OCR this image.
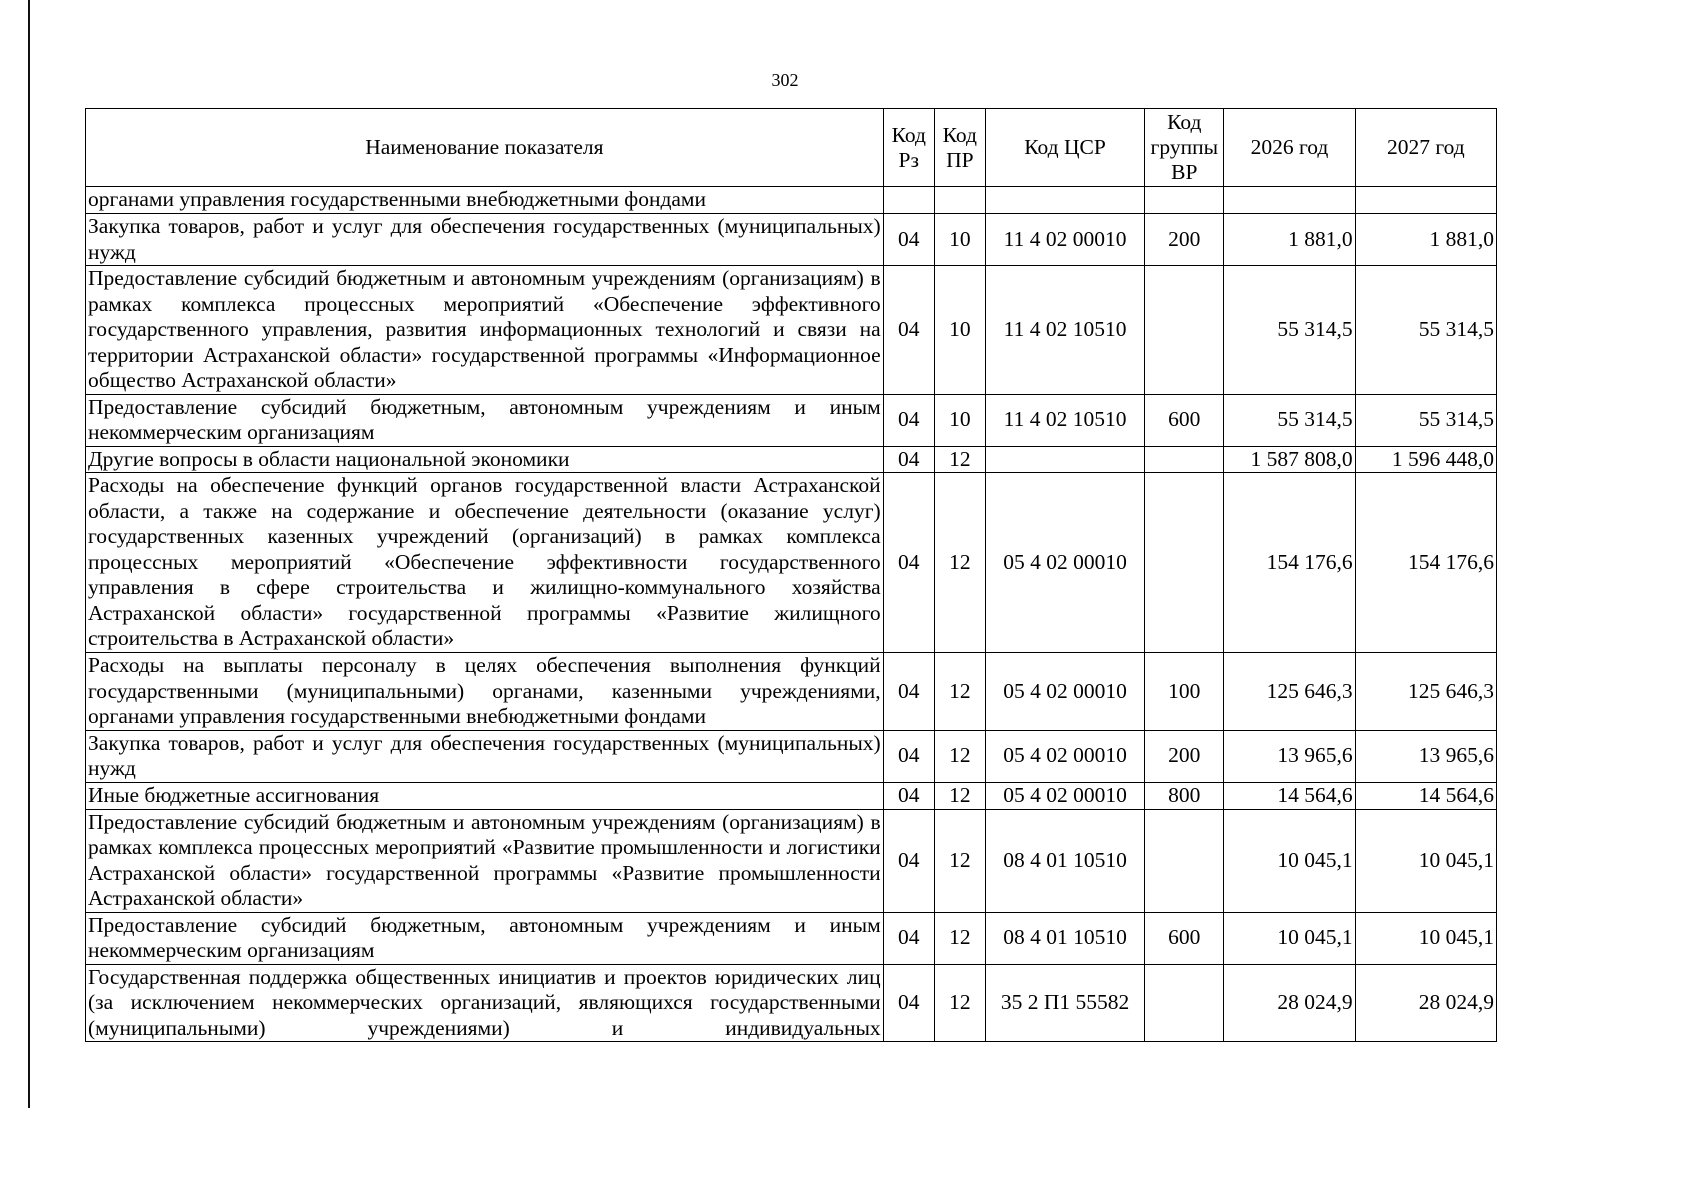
302
Наименование показателя	Код Рз	Код ПР	Код ЦСР	Код группы ВР	2026 год	2027 год
органами управления государственными внебюджетными фондами						
Закупка товаров, работ и услуг для обеспечения государственных (муниципальных) нужд	04	10	11 4 02 00010	200	1 881,0	1 881,0
Предоставление субсидий бюджетным и автономным учреждениям (организациям) в рамках комплекса процессных мероприятий «Обеспечение эффективного государственного управления, развития информационных технологий и связи на территории Астраханской области» государственной программы «Информационное общество Астраханской области»	04	10	11 4 02 10510		55 314,5	55 314,5
Предоставление субсидий бюджетным, автономным учреждениям и иным некоммерческим организациям	04	10	11 4 02 10510	600	55 314,5	55 314,5
Другие вопросы в области национальной экономики	04	12			1 587 808,0	1 596 448,0
Расходы на обеспечение функций органов государственной власти Астраханской области, а также на содержание и обеспечение деятельности (оказание услуг) государственных казенных учреждений (организаций) в рамках комплекса процессных мероприятий «Обеспечение эффективности государственного управления в сфере строительства и жилищно-коммунального хозяйства Астраханской области» государственной программы «Развитие жилищного строительства в Астраханской области»	04	12	05 4 02 00010		154 176,6	154 176,6
Расходы на выплаты персоналу в целях обеспечения выполнения функций государственными (муниципальными) органами, казенными учреждениями, органами управления государственными внебюджетными фондами	04	12	05 4 02 00010	100	125 646,3	125 646,3
Закупка товаров, работ и услуг для обеспечения государственных (муниципальных) нужд	04	12	05 4 02 00010	200	13 965,6	13 965,6
Иные бюджетные ассигнования	04	12	05 4 02 00010	800	14 564,6	14 564,6
Предоставление субсидий бюджетным и автономным учреждениям (организациям) в рамках комплекса процессных мероприятий «Развитие промышленности и логистики Астраханской области» государственной программы «Развитие промышленности Астраханской области»	04	12	08 4 01 10510		10 045,1	10 045,1
Предоставление субсидий бюджетным, автономным учреждениям и иным некоммерческим организациям	04	12	08 4 01 10510	600	10 045,1	10 045,1
Государственная поддержка общественных инициатив и проектов юридических лиц (за исключением некоммерческих организаций, являющихся государственными (муниципальными) учреждениями) и индивидуальных	04	12	35 2 П1 55582		28 024,9	28 024,9
